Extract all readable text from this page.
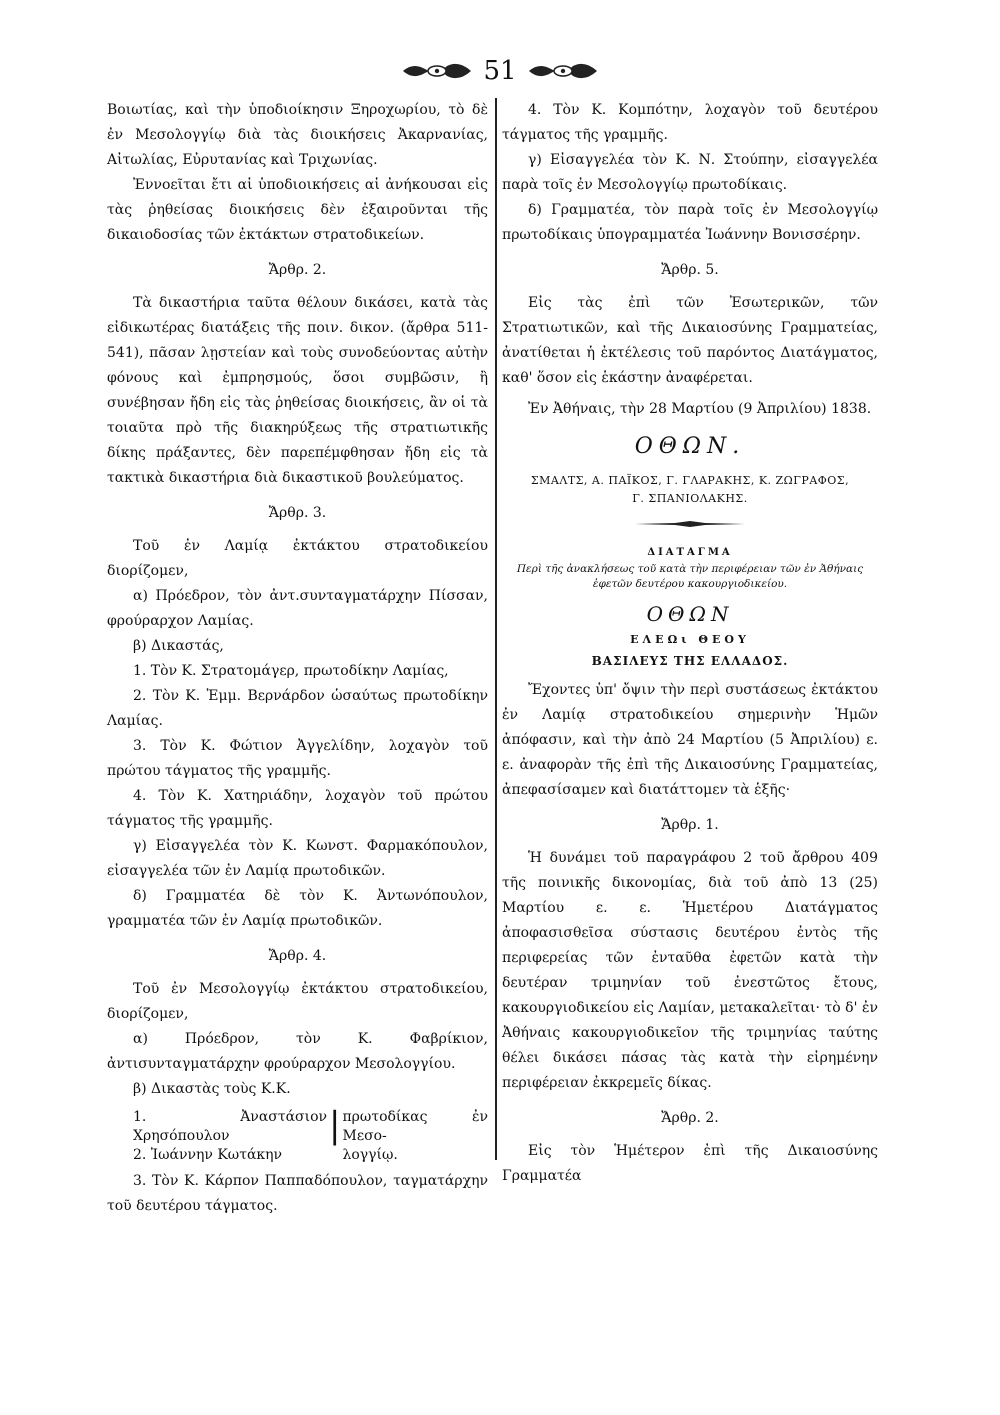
51

Βοιωτίας, καὶ τὴν ὑποδιοίκησιν Ξηροχωρίου, τὸ δὲ ἐν Μεσολογγίῳ διὰ τὰς διοικήσεις Ἀκαρνανίας, Αἰτωλίας, Εὐρυτανίας καὶ Τριχωνίας.

Ἐννοεῖται ἔτι αἱ ὑποδιοικήσεις αἱ ἀνήκουσαι εἰς τὰς ῥηθείσας διοικήσεις δὲν ἐξαιροῦνται τῆς δικαιοδοσίας τῶν ἐκτάκτων στρατοδικείων.

Ἄρθρ. 2.

Τὰ δικαστήρια ταῦτα θέλουν δικάσει, κατὰ τὰς εἰδικωτέρας διατάξεις τῆς ποιν. δικον. (ἄρθρα 511-541), πᾶσαν λῃστείαν καὶ τοὺς συνοδεύοντας αὐτὴν φόνους καὶ ἐμπρησμούς, ὅσοι συμβῶσιν, ἢ συνέβησαν ἤδη εἰς τὰς ῥηθείσας διοικήσεις, ἂν οἱ τὰ τοιαῦτα πρὸ τῆς διακηρύξεως τῆς στρατιωτικῆς δίκης πράξαντες, δὲν παρεπέμφθησαν ἤδη εἰς τὰ τακτικὰ δικαστήρια διὰ δικαστικοῦ βουλεύματος.

Ἄρθρ. 3.

Τοῦ ἐν Λαμίᾳ ἐκτάκτου στρατοδικείου διορίζομεν,

α) Πρόεδρον, τὸν ἀντ.συνταγματάρχην Πίσσαν, φρούραρχον Λαμίας.

β) Δικαστάς,

1. Τὸν Κ. Στρατομάγερ, πρωτοδίκην Λαμίας,

2. Τὸν Κ. Ἐμμ. Βερνάρδον ὡσαύτως πρωτοδίκην Λαμίας.

3. Τὸν Κ. Φώτιον Ἀγγελίδην, λοχαγὸν τοῦ πρώτου τάγματος τῆς γραμμῆς.

4. Τὸν Κ. Χατηριάδην, λοχαγὸν τοῦ πρώτου τάγματος τῆς γραμμῆς.

γ) Εἰσαγγελέα τὸν Κ. Κωνστ. Φαρμακόπουλον, εἰσαγγελέα τῶν ἐν Λαμίᾳ πρωτοδικῶν.

δ) Γραμματέα δὲ τὸν Κ. Ἀντωνόπουλον, γραμματέα τῶν ἐν Λαμίᾳ πρωτοδικῶν.

Ἄρθρ. 4.

Τοῦ ἐν Μεσολογγίῳ ἐκτάκτου στρατοδικείου, διορίζομεν,

α) Πρόεδρον, τὸν Κ. Φαβρίκιον, ἀντισυνταγματάρχην φρούραρχον Μεσολογγίου.

β) Δικαστὰς τοὺς Κ.Κ.

1. Ἀναστάσιον Χρησόπουλον
2. Ἰωάννην Κωτάκην
| πρωτοδίκας ἐν Μεσο-
λογγίῳ.

3. Τὸν Κ. Κάρπον Παππαδόπουλον, ταγματάρχην τοῦ δευτέρου τάγματος.

4. Τὸν Κ. Κομπότην, λοχαγὸν τοῦ δευτέρου τάγματος τῆς γραμμῆς.

γ) Εἰσαγγελέα τὸν Κ. Ν. Στούπην, εἰσαγγελέα παρὰ τοῖς ἐν Μεσολογγίῳ πρωτοδίκαις.

δ) Γραμματέα, τὸν παρὰ τοῖς ἐν Μεσολογγίῳ πρωτοδίκαις ὑπογραμματέα Ἰωάννην Βονισσέρην.

Ἄρθρ. 5.

Εἰς τὰς ἐπὶ τῶν Ἐσωτερικῶν, τῶν Στρατιωτικῶν, καὶ τῆς Δικαιοσύνης Γραμματείας, ἀνατίθεται ἡ ἐκτέλεσις τοῦ παρόντος Διατάγματος, καθ' ὅσον εἰς ἑκάστην ἀναφέρεται.

Ἐν Ἀθήναις, τὴν 28 Μαρτίου (9 Ἀπριλίου) 1838.

ΟΘΩΝ.

ΣΜΑΛΤΣ, Α. ΠΑΪΚΟΣ, Γ. ΓΛΑΡΑΚΗΣ, Κ. ΖΩΓΡΑΦΟΣ,
Γ. ΣΠΑΝΙΟΛΑΚΗΣ.

ΔΙΑΤΑΓΜΑ

Περὶ τῆς ἀνακλήσεως τοῦ κατὰ τὴν περιφέρειαν τῶν ἐν Ἀθήναις
ἐφετῶν δευτέρου κακουργιοδικείου.

ΟΘΩΝ

ΕΛΕΩι ΘΕΟΥ

ΒΑΣΙΛΕΥΣ ΤΗΣ ΕΛΛΑΔΟΣ.

Ἔχοντες ὑπ' ὄψιν τὴν περὶ συστάσεως ἐκτάκτου ἐν Λαμίᾳ στρατοδικείου σημερινὴν Ἡμῶν ἀπόφασιν, καὶ τὴν ἀπὸ 24 Μαρτίου (5 Ἀπριλίου) ε. ε. ἀναφορὰν τῆς ἐπὶ τῆς Δικαιοσύνης Γραμματείας, ἀπεφασίσαμεν καὶ διατάττομεν τὰ ἑξῆς·

Ἄρθρ. 1.

Ἡ δυνάμει τοῦ παραγράφου 2 τοῦ ἄρθρου 409 τῆς ποινικῆς δικονομίας, διὰ τοῦ ἀπὸ 13 (25) Μαρτίου ε. ε. Ἡμετέρου Διατάγματος ἀποφασισθεῖσα σύστασις δευτέρου ἐντὸς τῆς περιφερείας τῶν ἐνταῦθα ἐφετῶν κατὰ τὴν δευτέραν τριμηνίαν τοῦ ἐνεστῶτος ἔτους, κακουργιοδικείου εἰς Λαμίαν, μετακαλεῖται· τὸ δ' ἐν Ἀθήναις κακουργιοδικεῖον τῆς τριμηνίας ταύτης θέλει δικάσει πάσας τὰς κατὰ τὴν εἰρημένην περιφέρειαν ἐκκρεμεῖς δίκας.

Ἄρθρ. 2.

Εἰς τὸν Ἡμέτερον ἐπὶ τῆς Δικαιοσύνης Γραμματέα
